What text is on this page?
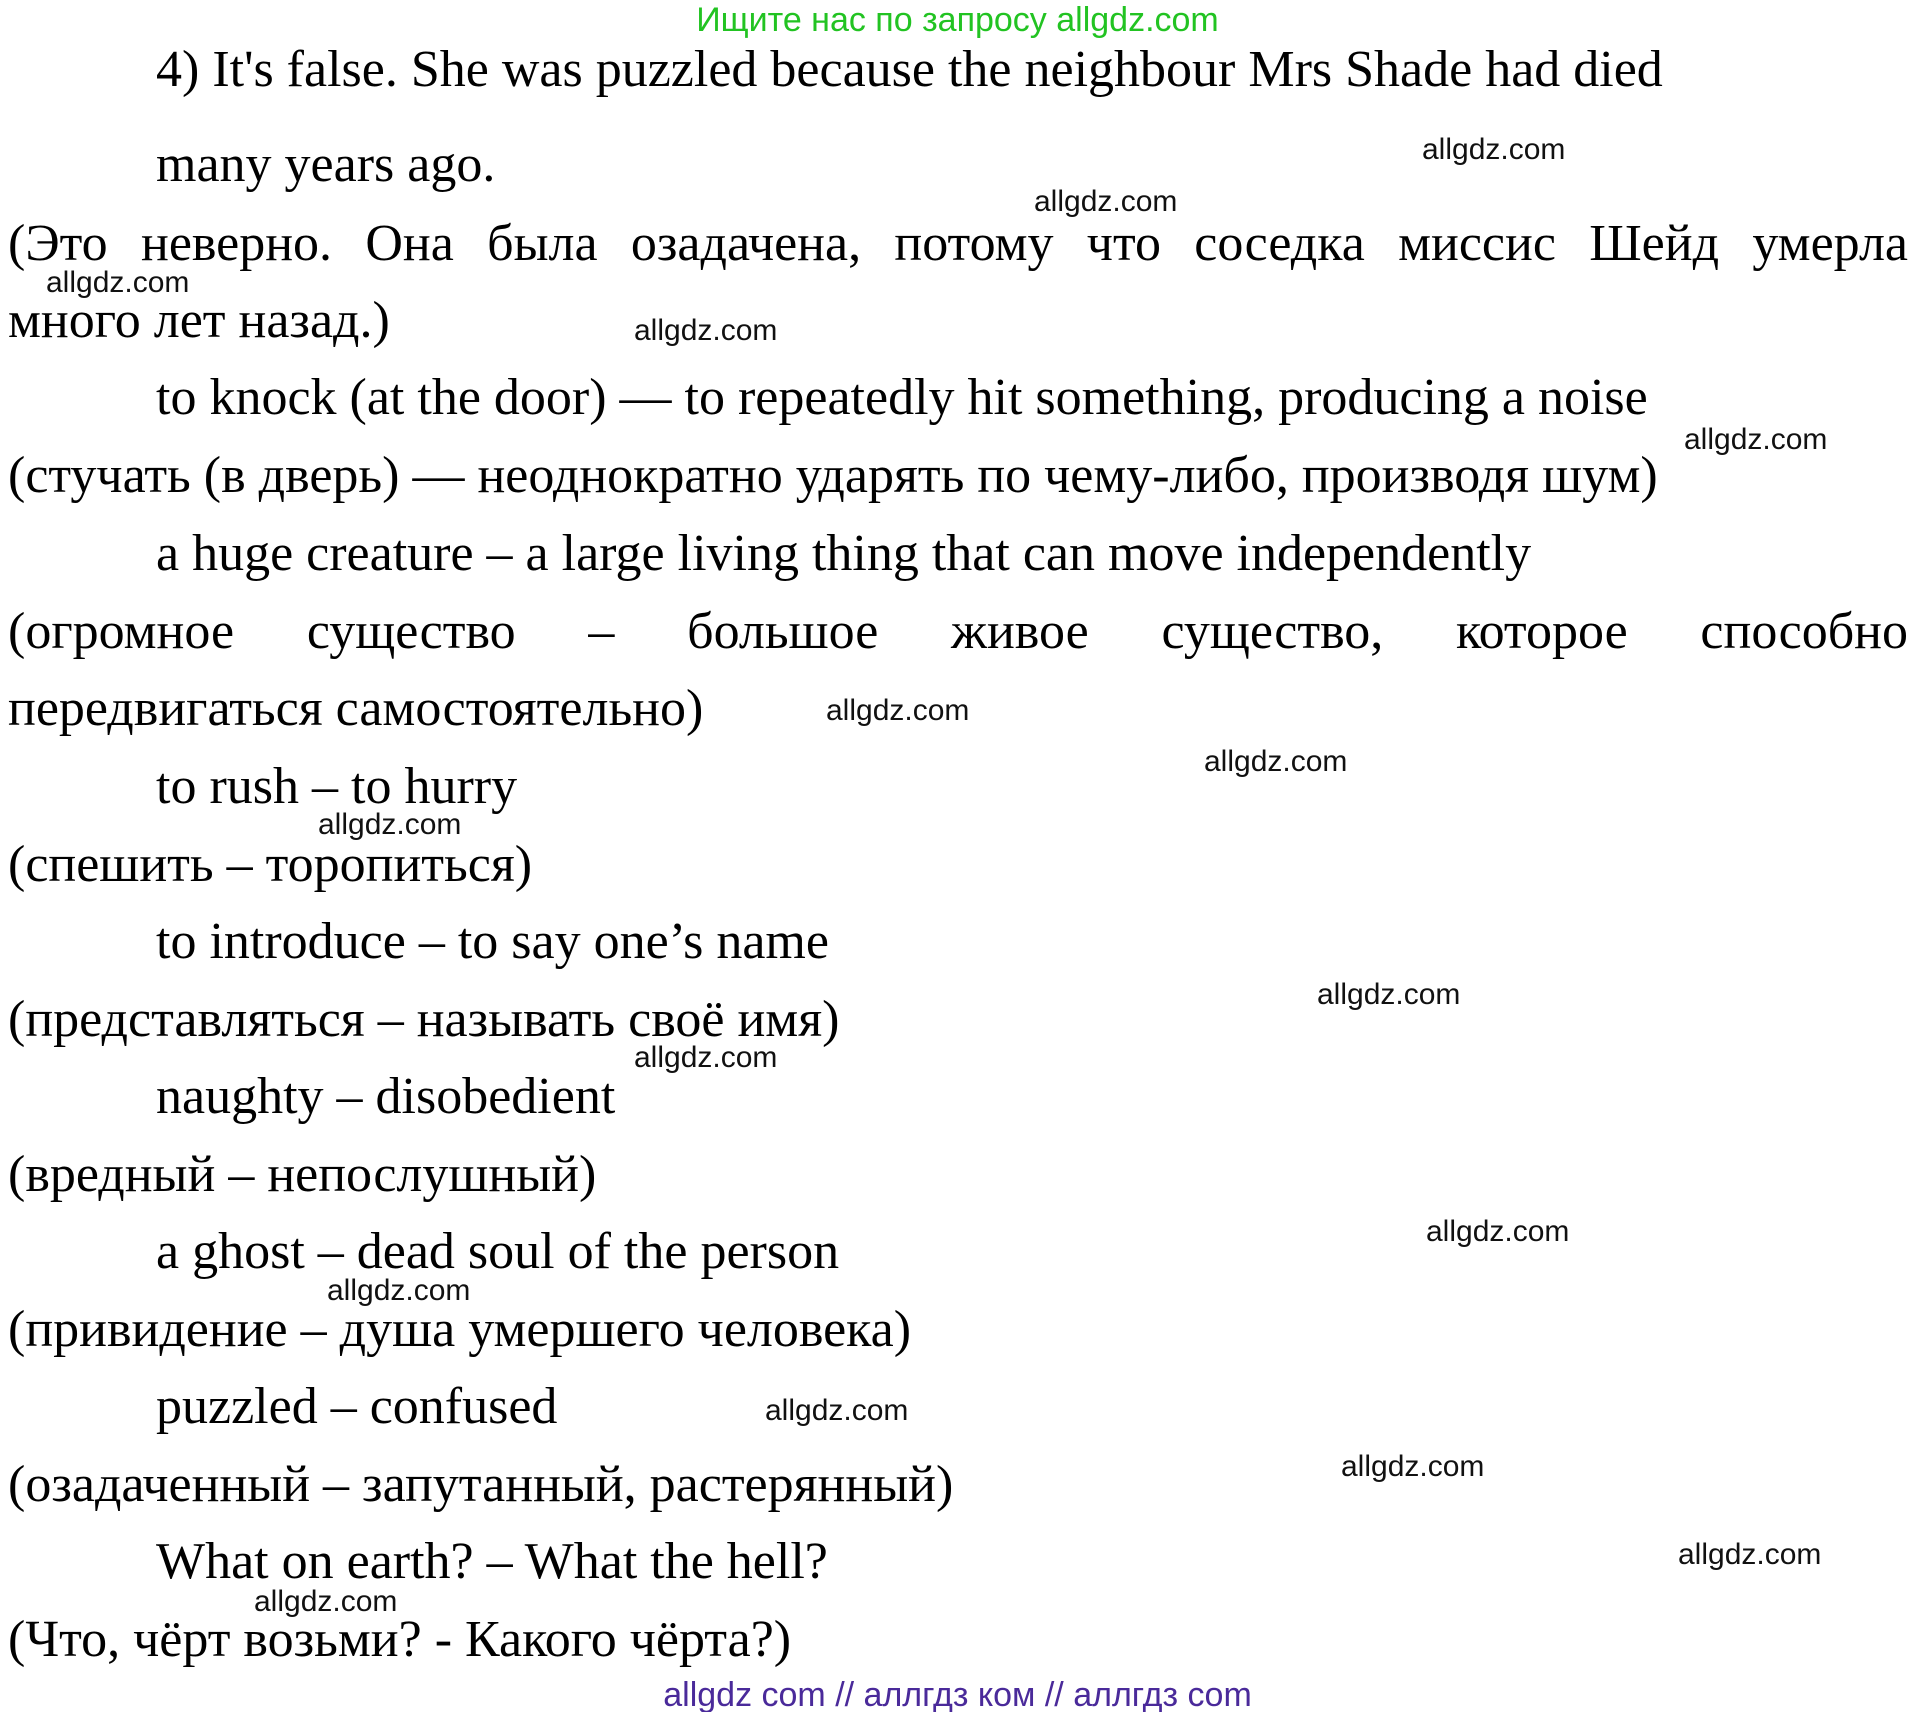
Ищите нас по запросу allgdz.com
4) It's false. She was puzzled because the neighbour Mrs Shade had died
many years ago.
(Это неверно. Она была озадачена, потому что соседка миссис Шейд умерла
много лет назад.)
to knock (at the door) — to repeatedly hit something, producing a noise
(стучать (в дверь) — неоднократно ударять по чему-либо, производя шум)
a huge creature – a large living thing that can move independently
(огромное существо – большое живое существо, которое способно
передвигаться самостоятельно)
to rush – to hurry
(спешить – торопиться)
to introduce – to say one’s name
(представляться – называть своё имя)
naughty – disobedient
(вредный – непослушный)
a ghost – dead soul of the person
(привидение – душа умершего человека)
puzzled – confused
(озадаченный – запутанный, растерянный)
What on earth? – What the hell?
(Что, чёрт возьми? - Какого чёрта?)
allgdz.com
allgdz.com
allgdz.com
allgdz.com
allgdz.com
allgdz.com
allgdz.com
allgdz.com
allgdz.com
allgdz.com
allgdz.com
allgdz.com
allgdz.com
allgdz.com
allgdz.com
allgdz.com
allgdz com // аллгдз ком // аллгдз com
